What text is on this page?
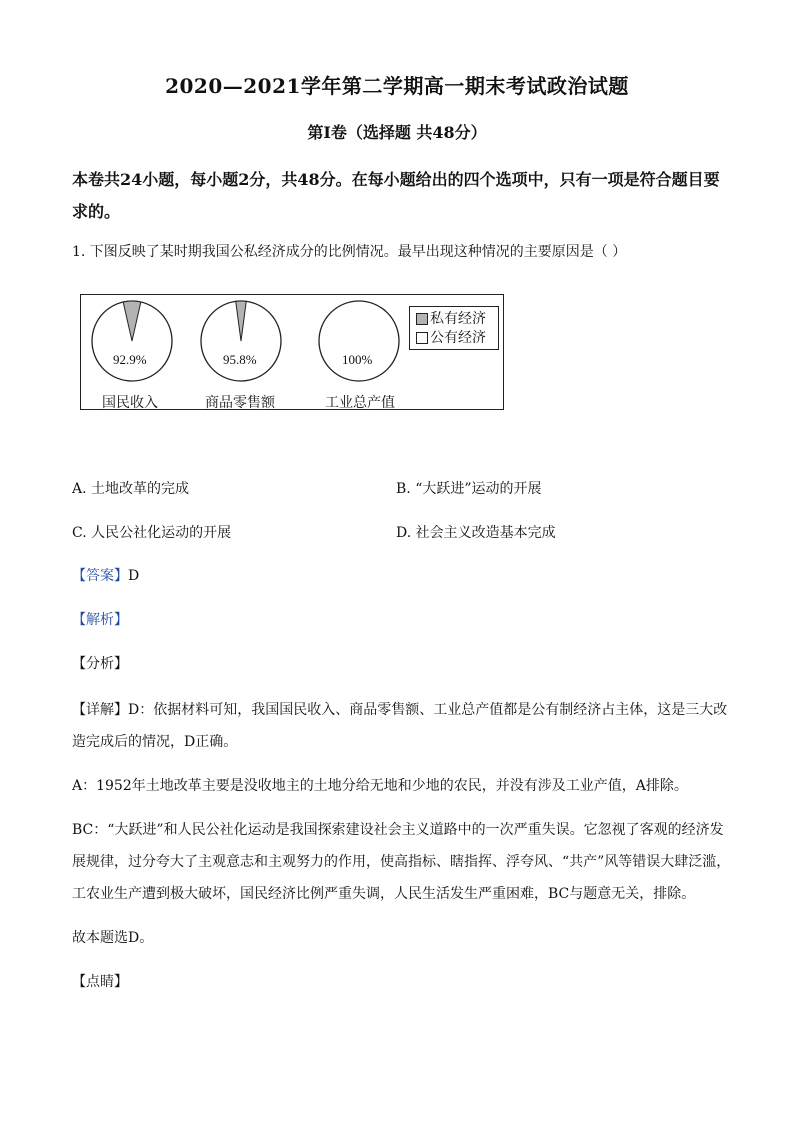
2020—2021学年第二学期高一期末考试政治试题
第Ⅰ卷（选择题 共48分）
本卷共24小题，每小题2分，共48分。在每小题给出的四个选项中，只有一项是符合题目要求的。
1. 下图反映了某时期我国公私经济成分的比例情况。最早出现这种情况的主要原因是（ ）
私有经济
公有经济
国民收入	商品零售额	工业总产值
92.9%	95.8%	100%
A. 土地改革的完成	B. “大跃进”运动的开展
C. 人民公社化运动的开展	D. 社会主义改造基本完成
【答案】D
【解析】
【分析】
【详解】D：依据材料可知，我国国民收入、商品零售额、工业总产值都是公有制经济占主体，这是三大改造完成后的情况，D正确。
A：1952年土地改革主要是没收地主的土地分给无地和少地的农民，并没有涉及工业产值，A排除。
BC：“大跃进”和人民公社化运动是我国探索建设社会主义道路中的一次严重失误。它忽视了客观的经济发展规律，过分夸大了主观意志和主观努力的作用，使高指标、瞎指挥、浮夸风、“共产”风等错误大肆泛滥，工农业生产遭到极大破坏，国民经济比例严重失调，人民生活发生严重困难，BC与题意无关，排除。
故本题选D。
【点睛】
